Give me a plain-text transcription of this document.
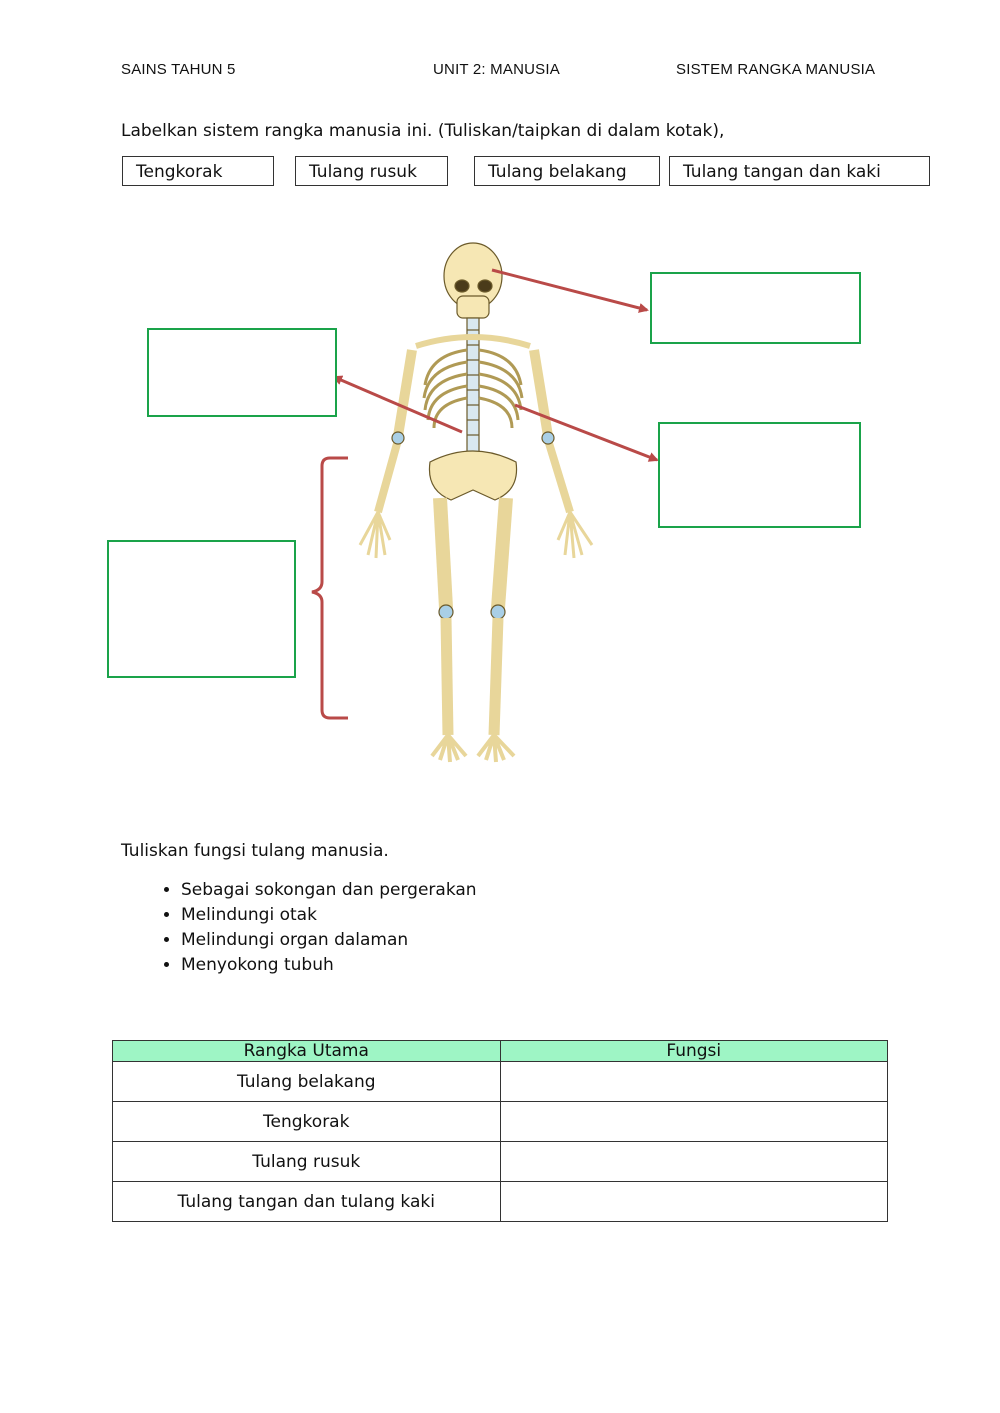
SAINS TAHUN 5	UNIT 2: MANUSIA	SISTEM RANGKA MANUSIA
Labelkan sistem rangka manusia ini. (Tuliskan/taipkan di dalam kotak),
Tengkorak	Tulang rusuk	Tulang belakang	Tulang tangan dan kaki
Tuliskan fungsi tulang manusia.
• Sebagai sokongan dan pergerakan
• Melindungi otak
• Melindungi organ dalaman
• Menyokong tubuh
Rangka Utama	Fungsi
Tulang belakang	
Tengkorak	
Tulang rusuk	
Tulang tangan dan tulang kaki	
